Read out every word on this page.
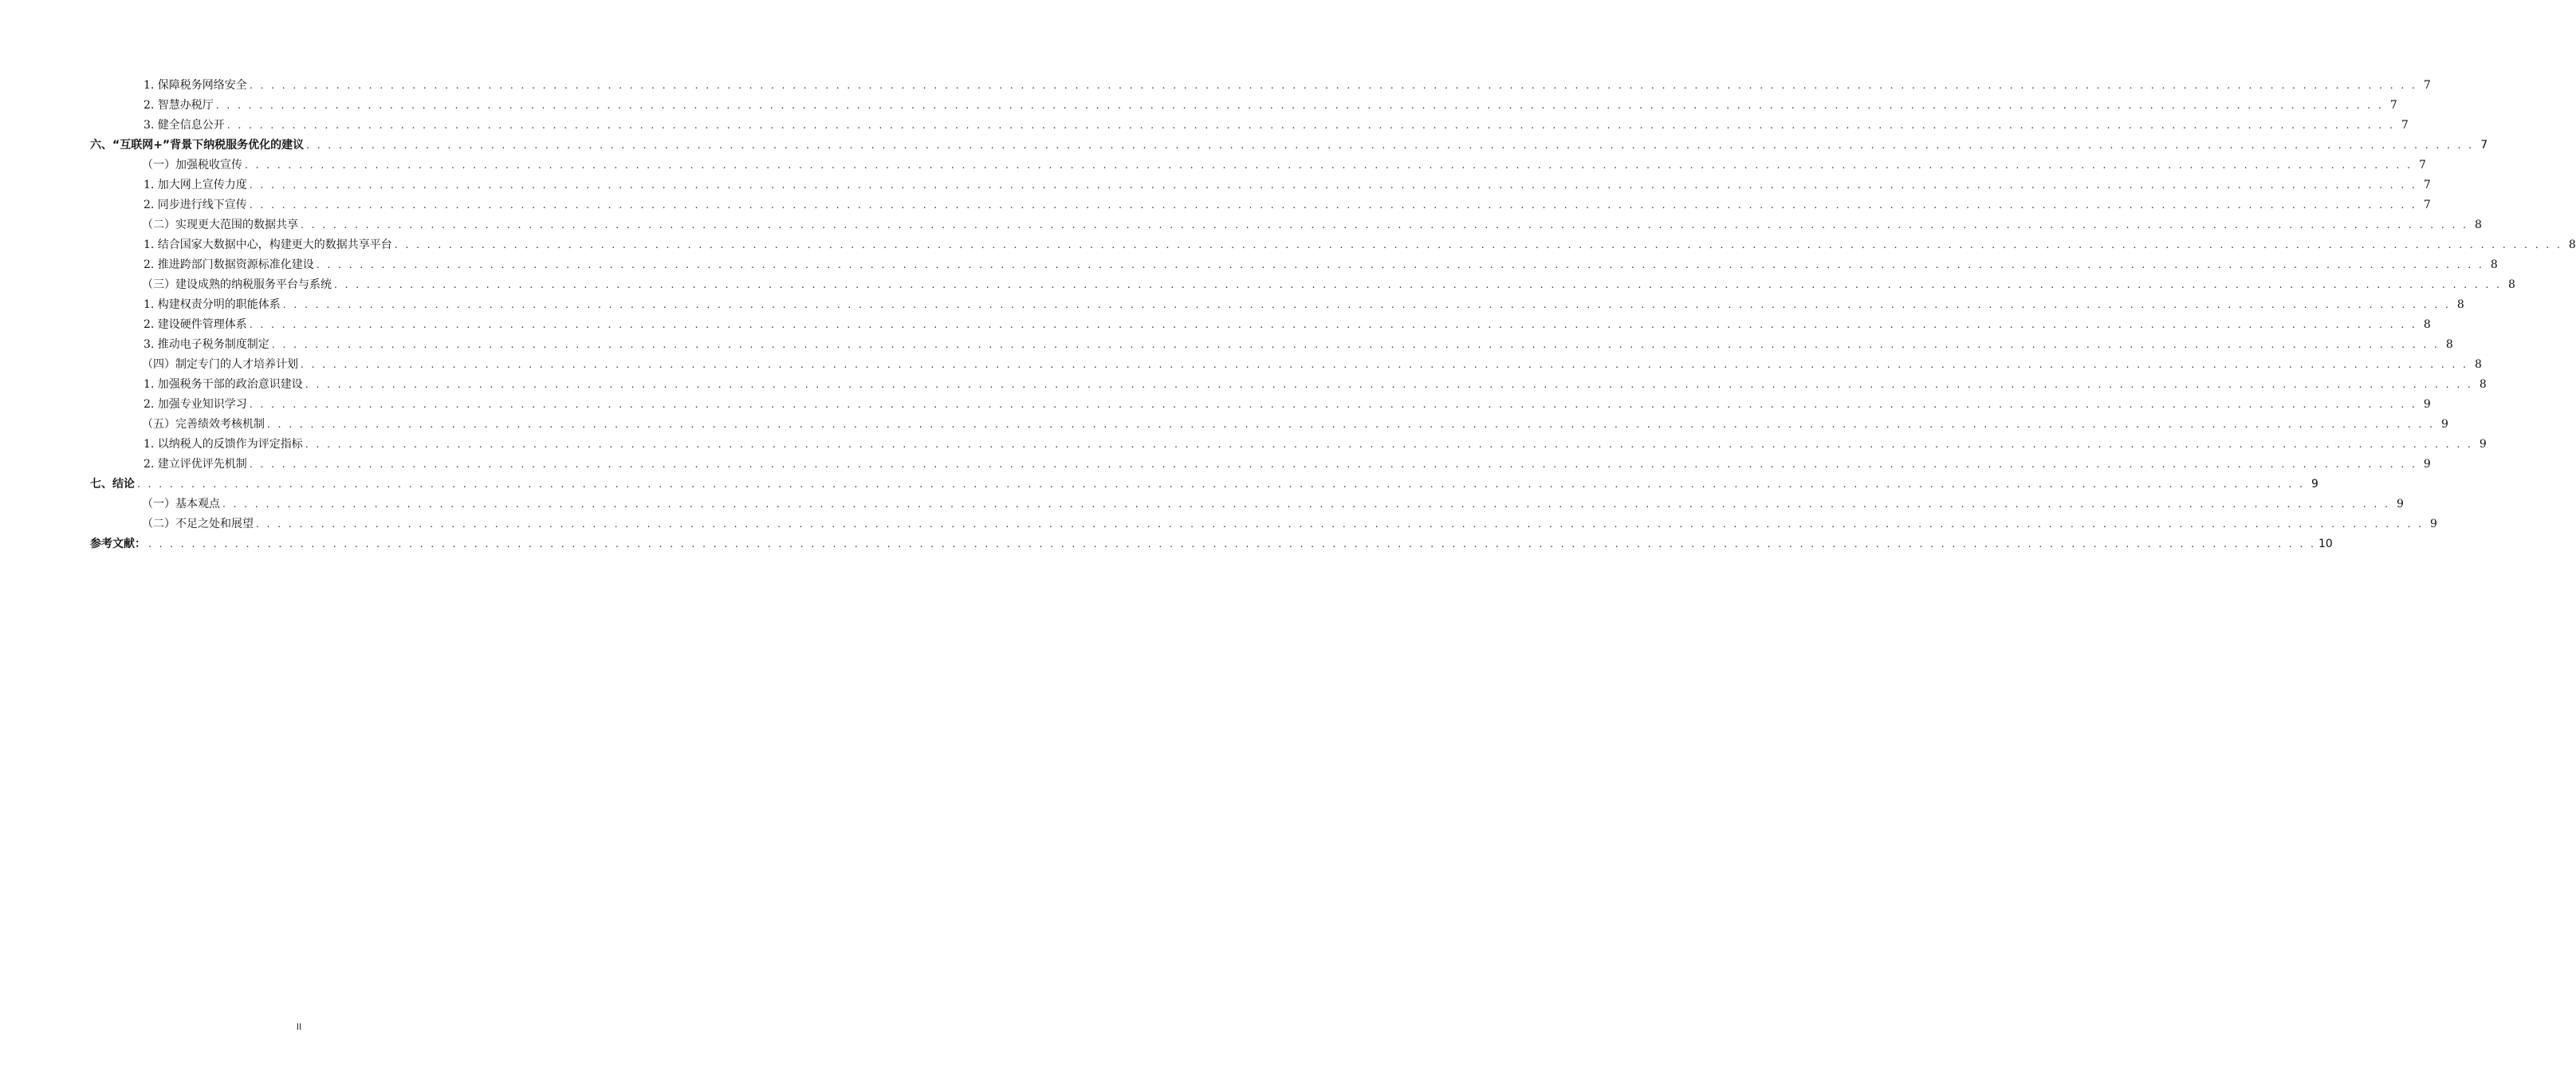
1. 保障税务网络安全 . . . . . . . . . . . . . . . . . . . . . . . . . . . . . . . . . . . . . . . . . . . . . . . . . . . . . . . . . . . . . . . . . . . . . . . . . . . . . . . . . . . . . . . . . . . . . . . . . . . . . . . . . . . . . . . . . . . . . . . . . . . . . . . . . . . . . . . . . . . . . . . . . . . . . . . . . . . . . . . . . . . . . . . . . . . . . . . . . . . . . . . . . . . . . . . . . . . . . . . . 7
2. 智慧办税厅 . . . . . . . . . . . . . . . . . . . . . . . . . . . . . . . . . . . . . . . . . . . . . . . . . . . . . . . . . . . . . . . . . . . . . . . . . . . . . . . . . . . . . . . . . . . . . . . . . . . . . . . . . . . . . . . . . . . . . . . . . . . . . . . . . . . . . . . . . . . . . . . . . . . . . . . . . . . . . . . . . . . . . . . . . . . . . . . . . . . . . . . . . . . . . . . . . . . . . . . . 7
3. 健全信息公开 . . . . . . . . . . . . . . . . . . . . . . . . . . . . . . . . . . . . . . . . . . . . . . . . . . . . . . . . . . . . . . . . . . . . . . . . . . . . . . . . . . . . . . . . . . . . . . . . . . . . . . . . . . . . . . . . . . . . . . . . . . . . . . . . . . . . . . . . . . . . . . . . . . . . . . . . . . . . . . . . . . . . . . . . . . . . . . . . . . . . . . . . . . . . . . . . . . . . . . . . 7
六、“互联网+”背景下纳税服务优化的建议 . . . . . . . . . . . . . . . . . . . . . . . . . . . . . . . . . . . . . . . . . . . . . . . . . . . . . . . . . . . . . . . . . . . . . . . . . . . . . . . . . . . . . . . . . . . . . . . . . . . . . . . . . . . . . . . . . . . . . . . . . . . . . . . . . . . . . . . . . . . . . . . . . . . . . . . . . . . . . . . . . . . . . . . . . . . . . . . . . . . . . . . . . . . . . . . . . . . . . . . . 7
（一）加强税收宣传 . . . . . . . . . . . . . . . . . . . . . . . . . . . . . . . . . . . . . . . . . . . . . . . . . . . . . . . . . . . . . . . . . . . . . . . . . . . . . . . . . . . . . . . . . . . . . . . . . . . . . . . . . . . . . . . . . . . . . . . . . . . . . . . . . . . . . . . . . . . . . . . . . . . . . . . . . . . . . . . . . . . . . . . . . . . . . . . . . . . . . . . . . . . . . . . . . . . . . . . . 7
1. 加大网上宣传力度 . . . . . . . . . . . . . . . . . . . . . . . . . . . . . . . . . . . . . . . . . . . . . . . . . . . . . . . . . . . . . . . . . . . . . . . . . . . . . . . . . . . . . . . . . . . . . . . . . . . . . . . . . . . . . . . . . . . . . . . . . . . . . . . . . . . . . . . . . . . . . . . . . . . . . . . . . . . . . . . . . . . . . . . . . . . . . . . . . . . . . . . . . . . . . . . . . . . . . . . . 7
2. 同步进行线下宣传 . . . . . . . . . . . . . . . . . . . . . . . . . . . . . . . . . . . . . . . . . . . . . . . . . . . . . . . . . . . . . . . . . . . . . . . . . . . . . . . . . . . . . . . . . . . . . . . . . . . . . . . . . . . . . . . . . . . . . . . . . . . . . . . . . . . . . . . . . . . . . . . . . . . . . . . . . . . . . . . . . . . . . . . . . . . . . . . . . . . . . . . . . . . . . . . . . . . . . . . . 7
（二）实现更大范围的数据共享 . . . . . . . . . . . . . . . . . . . . . . . . . . . . . . . . . . . . . . . . . . . . . . . . . . . . . . . . . . . . . . . . . . . . . . . . . . . . . . . . . . . . . . . . . . . . . . . . . . . . . . . . . . . . . . . . . . . . . . . . . . . . . . . . . . . . . . . . . . . . . . . . . . . . . . . . . . . . . . . . . . . . . . . . . . . . . . . . . . . . . . . . . . . . . . . . . . . . . . . . 8
1. 结合国家大数据中心，构建更大的数据共享平台 . . . . . . . . . . . . . . . . . . . . . . . . . . . . . . . . . . . . . . . . . . . . . . . . . . . . . . . . . . . . . . . . . . . . . . . . . . . . . . . . . . . . . . . . . . . . . . . . . . . . . . . . . . . . . . . . . . . . . . . . . . . . . . . . . . . . . . . . . . . . . . . . . . . . . . . . . . . . . . . . . . . . . . . . . . . . . . . . . . . . . . . . . . . . . . . . . . . . . . . . 8
2. 推进跨部门数据资源标准化建设 . . . . . . . . . . . . . . . . . . . . . . . . . . . . . . . . . . . . . . . . . . . . . . . . . . . . . . . . . . . . . . . . . . . . . . . . . . . . . . . . . . . . . . . . . . . . . . . . . . . . . . . . . . . . . . . . . . . . . . . . . . . . . . . . . . . . . . . . . . . . . . . . . . . . . . . . . . . . . . . . . . . . . . . . . . . . . . . . . . . . . . . . . . . . . . . . . . . . . . . . 8
（三）建设成熟的纳税服务平台与系统 . . . . . . . . . . . . . . . . . . . . . . . . . . . . . . . . . . . . . . . . . . . . . . . . . . . . . . . . . . . . . . . . . . . . . . . . . . . . . . . . . . . . . . . . . . . . . . . . . . . . . . . . . . . . . . . . . . . . . . . . . . . . . . . . . . . . . . . . . . . . . . . . . . . . . . . . . . . . . . . . . . . . . . . . . . . . . . . . . . . . . . . . . . . . . . . . . . . . . . . . 8
1. 构建权责分明的职能体系 . . . . . . . . . . . . . . . . . . . . . . . . . . . . . . . . . . . . . . . . . . . . . . . . . . . . . . . . . . . . . . . . . . . . . . . . . . . . . . . . . . . . . . . . . . . . . . . . . . . . . . . . . . . . . . . . . . . . . . . . . . . . . . . . . . . . . . . . . . . . . . . . . . . . . . . . . . . . . . . . . . . . . . . . . . . . . . . . . . . . . . . . . . . . . . . . . . . . . . . . 8
2. 建设硬件管理体系 . . . . . . . . . . . . . . . . . . . . . . . . . . . . . . . . . . . . . . . . . . . . . . . . . . . . . . . . . . . . . . . . . . . . . . . . . . . . . . . . . . . . . . . . . . . . . . . . . . . . . . . . . . . . . . . . . . . . . . . . . . . . . . . . . . . . . . . . . . . . . . . . . . . . . . . . . . . . . . . . . . . . . . . . . . . . . . . . . . . . . . . . . . . . . . . . . . . . . . . . 8
3. 推动电子税务制度制定 . . . . . . . . . . . . . . . . . . . . . . . . . . . . . . . . . . . . . . . . . . . . . . . . . . . . . . . . . . . . . . . . . . . . . . . . . . . . . . . . . . . . . . . . . . . . . . . . . . . . . . . . . . . . . . . . . . . . . . . . . . . . . . . . . . . . . . . . . . . . . . . . . . . . . . . . . . . . . . . . . . . . . . . . . . . . . . . . . . . . . . . . . . . . . . . . . . . . . . . . 8
（四）制定专门的人才培养计划 . . . . . . . . . . . . . . . . . . . . . . . . . . . . . . . . . . . . . . . . . . . . . . . . . . . . . . . . . . . . . . . . . . . . . . . . . . . . . . . . . . . . . . . . . . . . . . . . . . . . . . . . . . . . . . . . . . . . . . . . . . . . . . . . . . . . . . . . . . . . . . . . . . . . . . . . . . . . . . . . . . . . . . . . . . . . . . . . . . . . . . . . . . . . . . . . . . . . . . . . 8
1. 加强税务干部的政治意识建设 . . . . . . . . . . . . . . . . . . . . . . . . . . . . . . . . . . . . . . . . . . . . . . . . . . . . . . . . . . . . . . . . . . . . . . . . . . . . . . . . . . . . . . . . . . . . . . . . . . . . . . . . . . . . . . . . . . . . . . . . . . . . . . . . . . . . . . . . . . . . . . . . . . . . . . . . . . . . . . . . . . . . . . . . . . . . . . . . . . . . . . . . . . . . . . . . . . . . . . . . 8
2. 加强专业知识学习 . . . . . . . . . . . . . . . . . . . . . . . . . . . . . . . . . . . . . . . . . . . . . . . . . . . . . . . . . . . . . . . . . . . . . . . . . . . . . . . . . . . . . . . . . . . . . . . . . . . . . . . . . . . . . . . . . . . . . . . . . . . . . . . . . . . . . . . . . . . . . . . . . . . . . . . . . . . . . . . . . . . . . . . . . . . . . . . . . . . . . . . . . . . . . . . . . . . . . . . . 9
（五）完善绩效考核机制 . . . . . . . . . . . . . . . . . . . . . . . . . . . . . . . . . . . . . . . . . . . . . . . . . . . . . . . . . . . . . . . . . . . . . . . . . . . . . . . . . . . . . . . . . . . . . . . . . . . . . . . . . . . . . . . . . . . . . . . . . . . . . . . . . . . . . . . . . . . . . . . . . . . . . . . . . . . . . . . . . . . . . . . . . . . . . . . . . . . . . . . . . . . . . . . . . . . . . . . . 9
1. 以纳税人的反馈作为评定指标 . . . . . . . . . . . . . . . . . . . . . . . . . . . . . . . . . . . . . . . . . . . . . . . . . . . . . . . . . . . . . . . . . . . . . . . . . . . . . . . . . . . . . . . . . . . . . . . . . . . . . . . . . . . . . . . . . . . . . . . . . . . . . . . . . . . . . . . . . . . . . . . . . . . . . . . . . . . . . . . . . . . . . . . . . . . . . . . . . . . . . . . . . . . . . . . . . . . . . . . . 9
2. 建立评优评先机制 . . . . . . . . . . . . . . . . . . . . . . . . . . . . . . . . . . . . . . . . . . . . . . . . . . . . . . . . . . . . . . . . . . . . . . . . . . . . . . . . . . . . . . . . . . . . . . . . . . . . . . . . . . . . . . . . . . . . . . . . . . . . . . . . . . . . . . . . . . . . . . . . . . . . . . . . . . . . . . . . . . . . . . . . . . . . . . . . . . . . . . . . . . . . . . . . . . . . . . . . 9
七、结论 . . . . . . . . . . . . . . . . . . . . . . . . . . . . . . . . . . . . . . . . . . . . . . . . . . . . . . . . . . . . . . . . . . . . . . . . . . . . . . . . . . . . . . . . . . . . . . . . . . . . . . . . . . . . . . . . . . . . . . . . . . . . . . . . . . . . . . . . . . . . . . . . . . . . . . . . . . . . . . . . . . . . . . . . . . . . . . . . . . . . . . . . . . . . . . . . . . . . . . . . 9
（一）基本观点 . . . . . . . . . . . . . . . . . . . . . . . . . . . . . . . . . . . . . . . . . . . . . . . . . . . . . . . . . . . . . . . . . . . . . . . . . . . . . . . . . . . . . . . . . . . . . . . . . . . . . . . . . . . . . . . . . . . . . . . . . . . . . . . . . . . . . . . . . . . . . . . . . . . . . . . . . . . . . . . . . . . . . . . . . . . . . . . . . . . . . . . . . . . . . . . . . . . . . . . . 9
（二）不足之处和展望 . . . . . . . . . . . . . . . . . . . . . . . . . . . . . . . . . . . . . . . . . . . . . . . . . . . . . . . . . . . . . . . . . . . . . . . . . . . . . . . . . . . . . . . . . . . . . . . . . . . . . . . . . . . . . . . . . . . . . . . . . . . . . . . . . . . . . . . . . . . . . . . . . . . . . . . . . . . . . . . . . . . . . . . . . . . . . . . . . . . . . . . . . . . . . . . . . . . . . . . . 9
参考文献： . . . . . . . . . . . . . . . . . . . . . . . . . . . . . . . . . . . . . . . . . . . . . . . . . . . . . . . . . . . . . . . . . . . . . . . . . . . . . . . . . . . . . . . . . . . . . . . . . . . . . . . . . . . . . . . . . . . . . . . . . . . . . . . . . . . . . . . . . . . . . . . . . . . . . . . . . . . . . . . . . . . . . . . . . . . . . . . . . . . . . . . . . . . . . . . . . . . . . . . . 10
II
